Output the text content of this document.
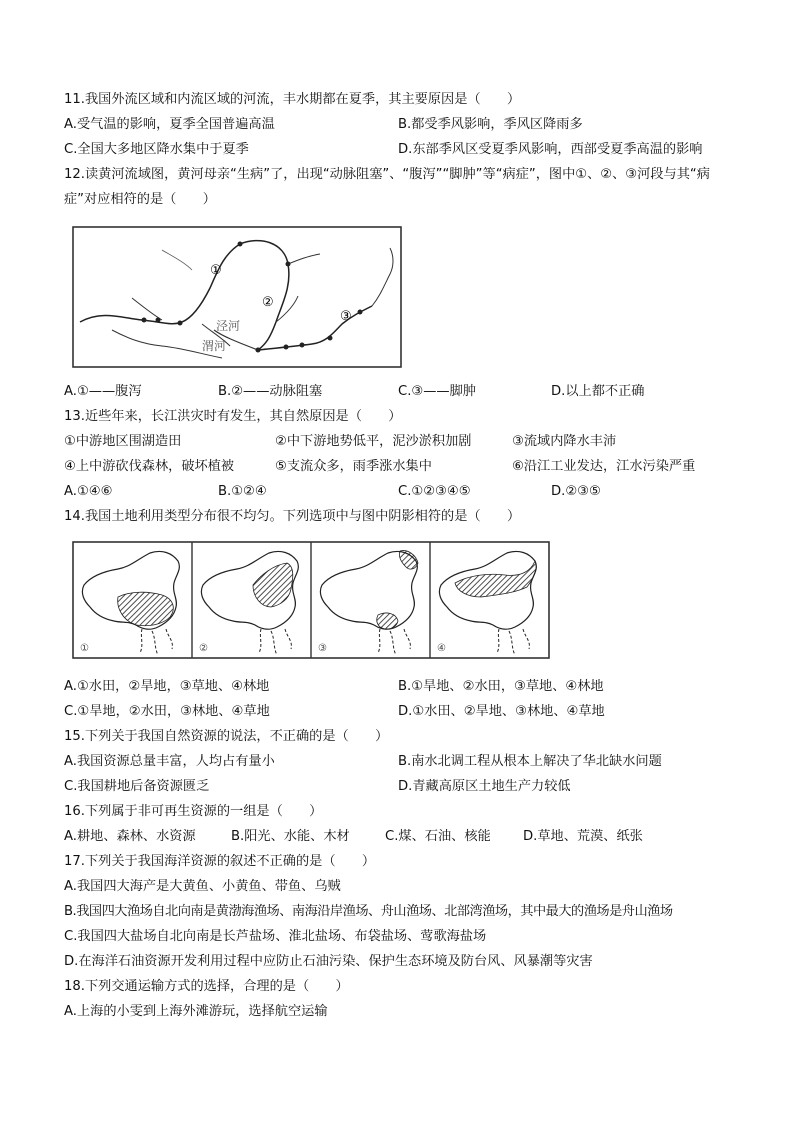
11.我国外流区域和内流区域的河流，丰水期都在夏季，其主要原因是（　　）
A.受气温的影响，夏季全国普遍高温	B.都受季风影响，季风区降雨多
C.全国大多地区降水集中于夏季	D.东部季风区受夏季风影响，西部受夏季高温的影响
12.读黄河流域图，黄河母亲“生病”了，出现“动脉阻塞”、“腹泻”“脚肿”等“病症”，图中①、②、③河段与其“病
症”对应相符的是（　　）
①
②
③
泾河
渭河
A.①——腹泻	B.②——动脉阻塞	C.③——脚肿	D.以上都不正确
13.近些年来，长江洪灾时有发生，其自然原因是（　　）
①中游地区围湖造田	②中下游地势低平，泥沙淤积加剧	③流域内降水丰沛
④上中游砍伐森林，破坏植被	⑤支流众多，雨季涨水集中	⑥沿江工业发达，江水污染严重
A.①④⑥	B.①②④	C.①②③④⑤	D.②③⑤
14.我国土地利用类型分布很不均匀。下列选项中与图中阴影相符的是（　　）
①	②	③	④
A.①水田，②旱地，③草地、④林地	B.①旱地、②水田，③草地、④林地
C.①旱地，②水田，③林地、④草地	D.①水田、②旱地、③林地、④草地
15.下列关于我国自然资源的说法，不正确的是（　　）
A.我国资源总量丰富，人均占有量小	B.南水北调工程从根本上解决了华北缺水问题
C.我国耕地后备资源匮乏	D.青藏高原区土地生产力较低
16.下列属于非可再生资源的一组是（　　）
A.耕地、森林、水资源	B.阳光、水能、木材	C.煤、石油、核能 D.草地、荒漠、纸张
17.下列关于我国海洋资源的叙述不正确的是（　　）
A.我国四大海产是大黄鱼、小黄鱼、带鱼、乌贼
B.我国四大渔场自北向南是黄渤海渔场、南海沿岸渔场、舟山渔场、北部湾渔场，其中最大的渔场是舟山渔场
C.我国四大盐场自北向南是长芦盐场、淮北盐场、布袋盐场、莺歌海盐场
D.在海洋石油资源开发利用过程中应防止石油污染、保护生态环境及防台风、风暴潮等灾害
18.下列交通运输方式的选择，合理的是（　　）
A.上海的小雯到上海外滩游玩，选择航空运输
